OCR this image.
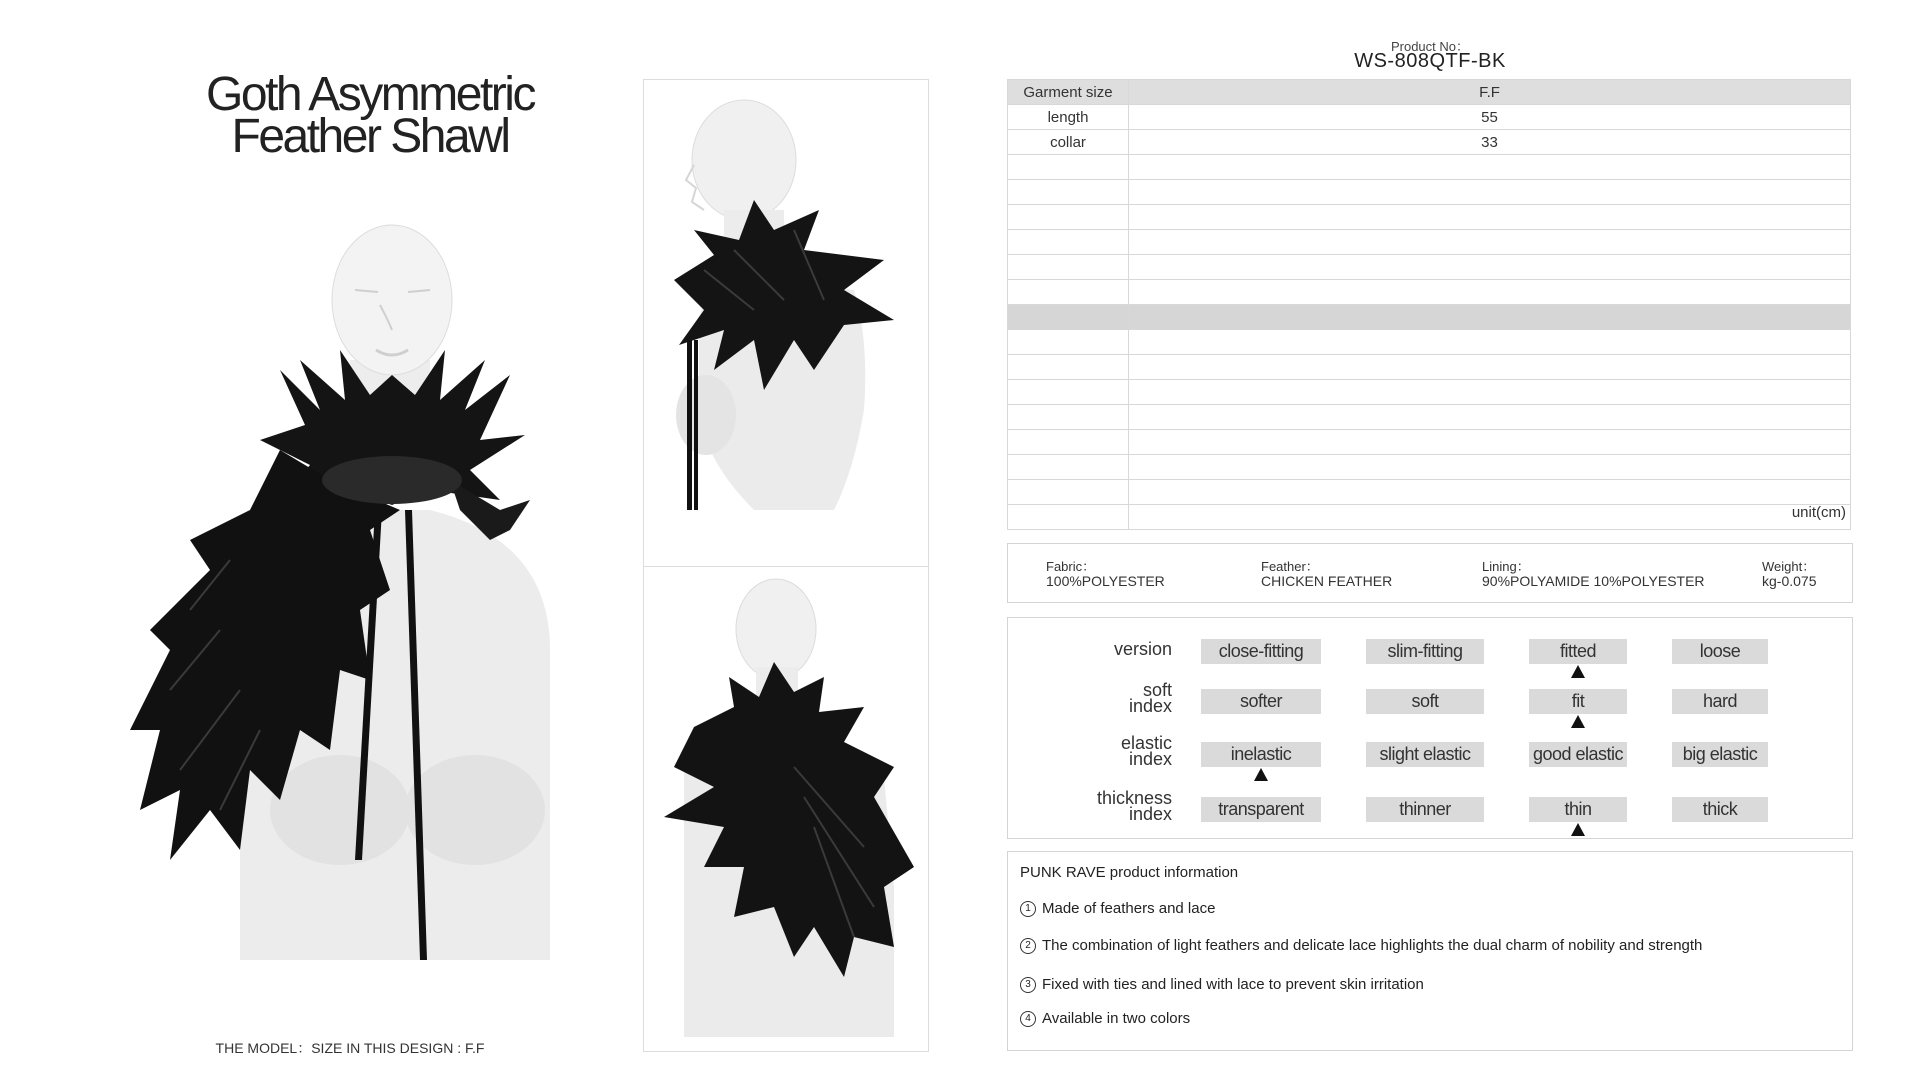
Goth Asymmetric
Feather Shawl
THE MODEL：SIZE IN THIS DESIGN : F.F
Product No：
WS-808QTF-BK
Garment size	F.F
length	55
collar	33

unit(cm)
Fabric：
100%POLYESTER
Feather：
CHICKEN FEATHER
Lining：
90%POLYAMIDE 10%POLYESTER
Weight：
kg-0.075
version	close-fitting	slim-fitting	fitted	loose
soft
index	softer	soft	fit	hard
elastic
index	inelastic	slight elastic	good elastic	big elastic
thickness
index	transparent	thinner	thin	thick
PUNK RAVE product information
1 Made of feathers and lace
2 The combination of light feathers and delicate lace highlights the dual charm of nobility and strength
3 Fixed with ties and lined with lace to prevent skin irritation
4 Available in two colors
